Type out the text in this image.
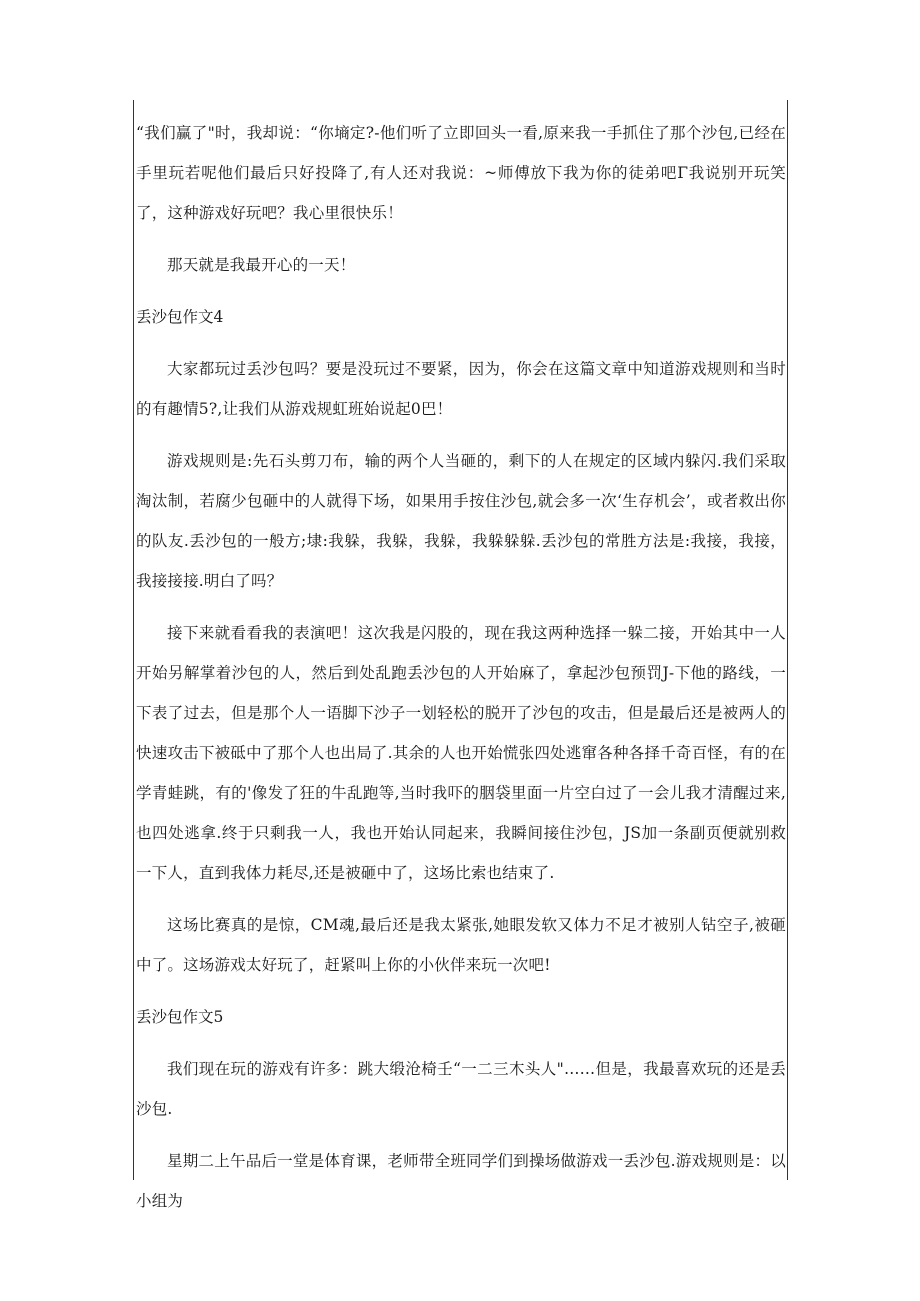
“我们赢了"时，我却说：“你墒定?-他们听了立即回头一看,原来我一手抓住了那个沙包,已经在手里玩若呢他们最后只好投降了,有人还对我说：~师傅放下我为你的徒弟吧Γ我说别开玩笑了，这种游戏好玩吧？我心里很快乐！

那天就是我最开心的一天！

丢沙包作文4

大家都玩过丢沙包吗？要是没玩过不要紧，因为，你会在这篇文章中知道游戏规则和当时的有趣情5?,让我们从游戏规虹班始说起0巴！

游戏规则是:先石头剪刀布，输的两个人当砸的，剩下的人在规定的区域内躲闪.我们采取淘汰制，若腐少包砸中的人就得下场，如果用手按住沙包,就会多一次‘生存机会’，或者救出你的队友.丢沙包的一般方;埭:我躲，我躲，我躲，我躲躲躲.丢沙包的常胜方法是:我接，我接，我接接接.明白了吗？

接下来就看看我的表演吧！这次我是闪股的，现在我这两种选择一躲二接，开始其中一人开始另解掌着沙包的人，然后到处乱跑丢沙包的人开始麻了，拿起沙包预罚J-下他的路线，一下表了过去，但是那个人一语脚下沙子一划轻松的脱开了沙包的攻击，但是最后还是被两人的快速攻击下被砥中了那个人也出局了.其余的人也开始慌张四处逃窜各种各择千奇百怪，有的在学青蛙跳，有的'像发了狂的牛乱跑等,当时我吓的胭袋里面一片空白过了一会儿我才清醒过来,也四处逃拿.终于只剩我一人，我也开始认同起来，我瞬间接住沙包，JS加一条副页便就别救一下人，直到我体力耗尽,还是被砸中了，这场比索也结束了.

这场比赛真的是惊，CM魂,最后还是我太紧张,她眼发软又体力不足才被别人钻空子,被砸中了。这场游戏太好玩了，赶紧叫上你的小伙伴来玩一次吧!

丢沙包作文5

我们现在玩的游戏有许多：跳大缎沧椅壬“一二三木头人"……但是，我最喜欢玩的还是丢沙包.

星期二上午品后一堂是体育课，老师带全班同学们到操场做游戏一丢沙包.游戏规则是：以小组为
